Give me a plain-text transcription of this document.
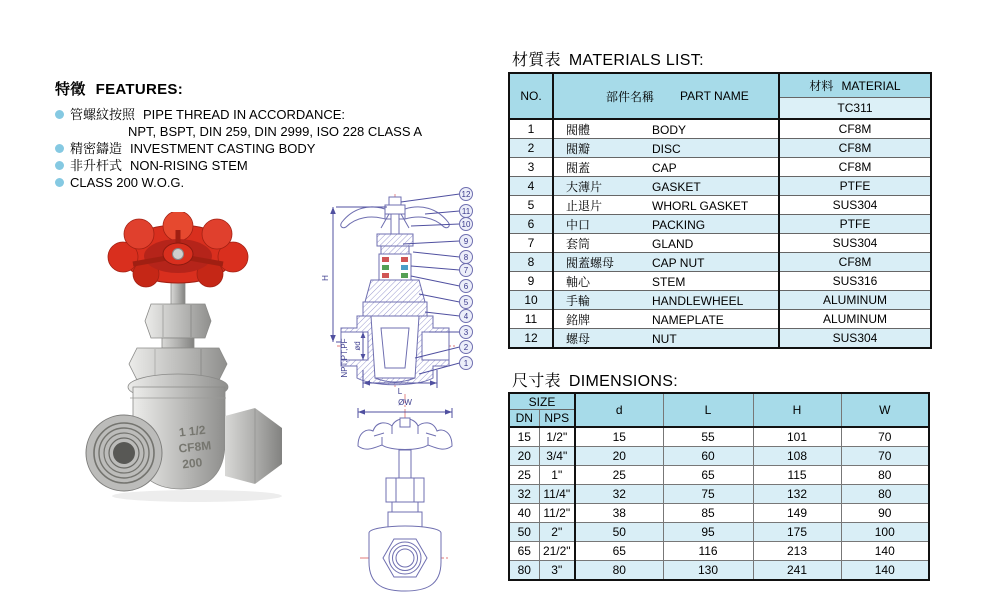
特徵 FEATURES:
管螺紋按照 PIPE THREAD IN ACCORDANCE:
NPT, BSPT, DIN 259, DIN 2999, ISO 228 CLASS A
精密鑄造 INVESTMENT CASTING BODY
非升杆式 NON-RISING STEM
CLASS 200 W.O.G.
1 1/2
CF8M
200
H
NPT,PT,PF ød
L
12
11
10
9
8
7
6
5
4
3
2
1
ØW
材質表 MATERIALS LIST:
NO.	部件名稱 PART NAME	材料 MATERIAL
		TC311
1	閥體 BODY	CF8M
2	閥瓣 DISC	CF8M
3	閥蓋 CAP	CF8M
4	大薄片 GASKET	PTFE
5	止退片 WHORL GASKET	SUS304
6	中口 PACKING	PTFE
7	套筒 GLAND	SUS304
8	閥蓋螺母 CAP NUT	CF8M
9	軸心 STEM	SUS316
10	手輪 HANDLEWHEEL	ALUMINUM
11	銘牌 NAMEPLATE	ALUMINUM
12	螺母 NUT	SUS304
尺寸表 DIMENSIONS:
SIZE		d	L	H	W
DN	NPS				
15	1/2"	15	55	101	70
20	3/4"	20	60	108	70
25	1"	25	65	115	80
32	11/4"	32	75	132	80
40	11/2"	38	85	149	90
50	2"	50	95	175	100
65	21/2"	65	116	213	140
80	3"	80	130	241	140
